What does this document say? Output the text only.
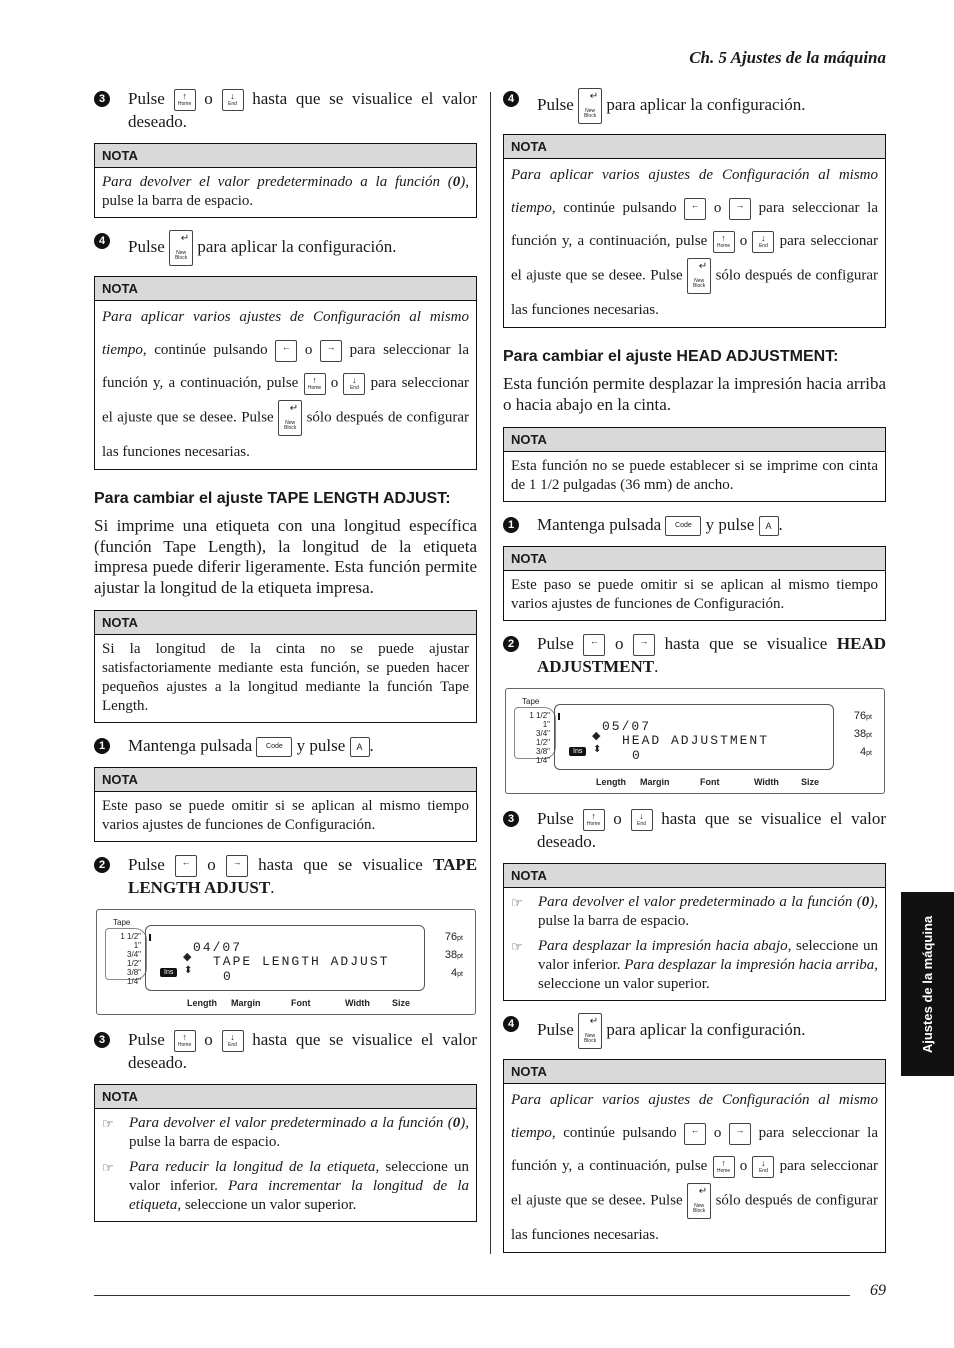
Ch. 5 Ajustes de la máquina
3 Pulse	↑
Home o	↓
End hasta que se visualice el valor deseado.
NOTA
Para devolver el valor predeterminado a la función (0), pulse la barra de espacio.
4 Pulse	↵
New Block
para aplicar la configuración.
NOTA
Para aplicar varios ajustes de Configuración al mismo tiempo, continúe pulsando	← o	→ para seleccionar la función y, a continuación, pulse	↑
Home o	↓
End para seleccionar el ajuste que se desee. Pulse
↵
New Block
sólo después de configurar las funciones necesarias.
Para cambiar el ajuste TAPE LENGTH ADJUST:
Si imprime una etiqueta con una longitud específica (función Tape Length), la longitud de la etiqueta impresa puede diferir ligeramente. Esta función permite ajustar la longitud de la etiqueta impresa.
NOTA
Si la longitud de la cinta no se puede ajustar satisfactoriamente mediante esta función, se pueden hacer pequeños ajustes a la longitud mediante la función Tape Length.
1 Mantenga pulsada Code y pulse A .
NOTA
Este paso se puede omitir si se aplican al mismo tiempo varios ajustes de funciones de Configuración.
2 Pulse	← o	→ hasta que se visualice TAPE LENGTH ADJUST.
Tape
1 1/2"
1"
3/4"
1/2"
3/8"
1/4"
04/07
◆ TAPE LENGTH ADJUST
Ins	⬍ 0
76pt
38pt
4pt
Length Margin	Font	Width Size
3 Pulse	↑
Home o	↓
End hasta que se visualice el valor deseado.
NOTA
☞ Para devolver el valor predeterminado a la función (0), pulse la barra de espacio.
☞ Para reducir la longitud de la etiqueta, seleccione un valor inferior. Para incrementar la longitud de la etiqueta, seleccione un valor superior.
4 Pulse	↵
New Block
para aplicar la configuración.
NOTA
Para aplicar varios ajustes de Configuración al mismo tiempo, continúe pulsando	← o	→ para seleccionar la función y, a continuación, pulse	↑
Home o	↓
End para seleccionar el ajuste que se desee. Pulse
↵
New Block
sólo después de configurar las funciones necesarias.
Para cambiar el ajuste HEAD ADJUSTMENT:
Esta función permite desplazar la impresión hacia arriba o hacia abajo en la cinta.
NOTA
Esta función no se puede establecer si se imprime con cinta de 1 1/2 pulgadas (36 mm) de ancho.
1 Mantenga pulsada Code y pulse A .
NOTA
Este paso se puede omitir si se aplican al mismo tiempo varios ajustes de funciones de Configuración.
2 Pulse	← o	→ hasta que se visualice HEAD ADJUSTMENT.
Tape
1 1/2"
1"
3/4"
1/2"
3/8"
1/4"
05/07
◆ HEAD ADJUSTMENT
Ins	⬍ 0
76pt
38pt
4pt
Length Margin	Font	Width Size
3 Pulse	↑
Home o	↓
End hasta que se visualice el valor deseado.
NOTA
☞ Para devolver el valor predeterminado a la función (0), pulse la barra de espacio.
☞ Para desplazar la impresión hacia abajo, seleccione un valor inferior. Para desplazar la impresión hacia arriba, seleccione un valor superior.
4 Pulse	↵
New Block
para aplicar la configuración.
NOTA
Para aplicar varios ajustes de Configuración al mismo tiempo, continúe pulsando	← o	→ para seleccionar la función y, a continuación, pulse	↑
Home o	↓
End para seleccionar el ajuste que se desee. Pulse
↵
New Block
sólo después de configurar las funciones necesarias.
Ajustes de la máquina
69
